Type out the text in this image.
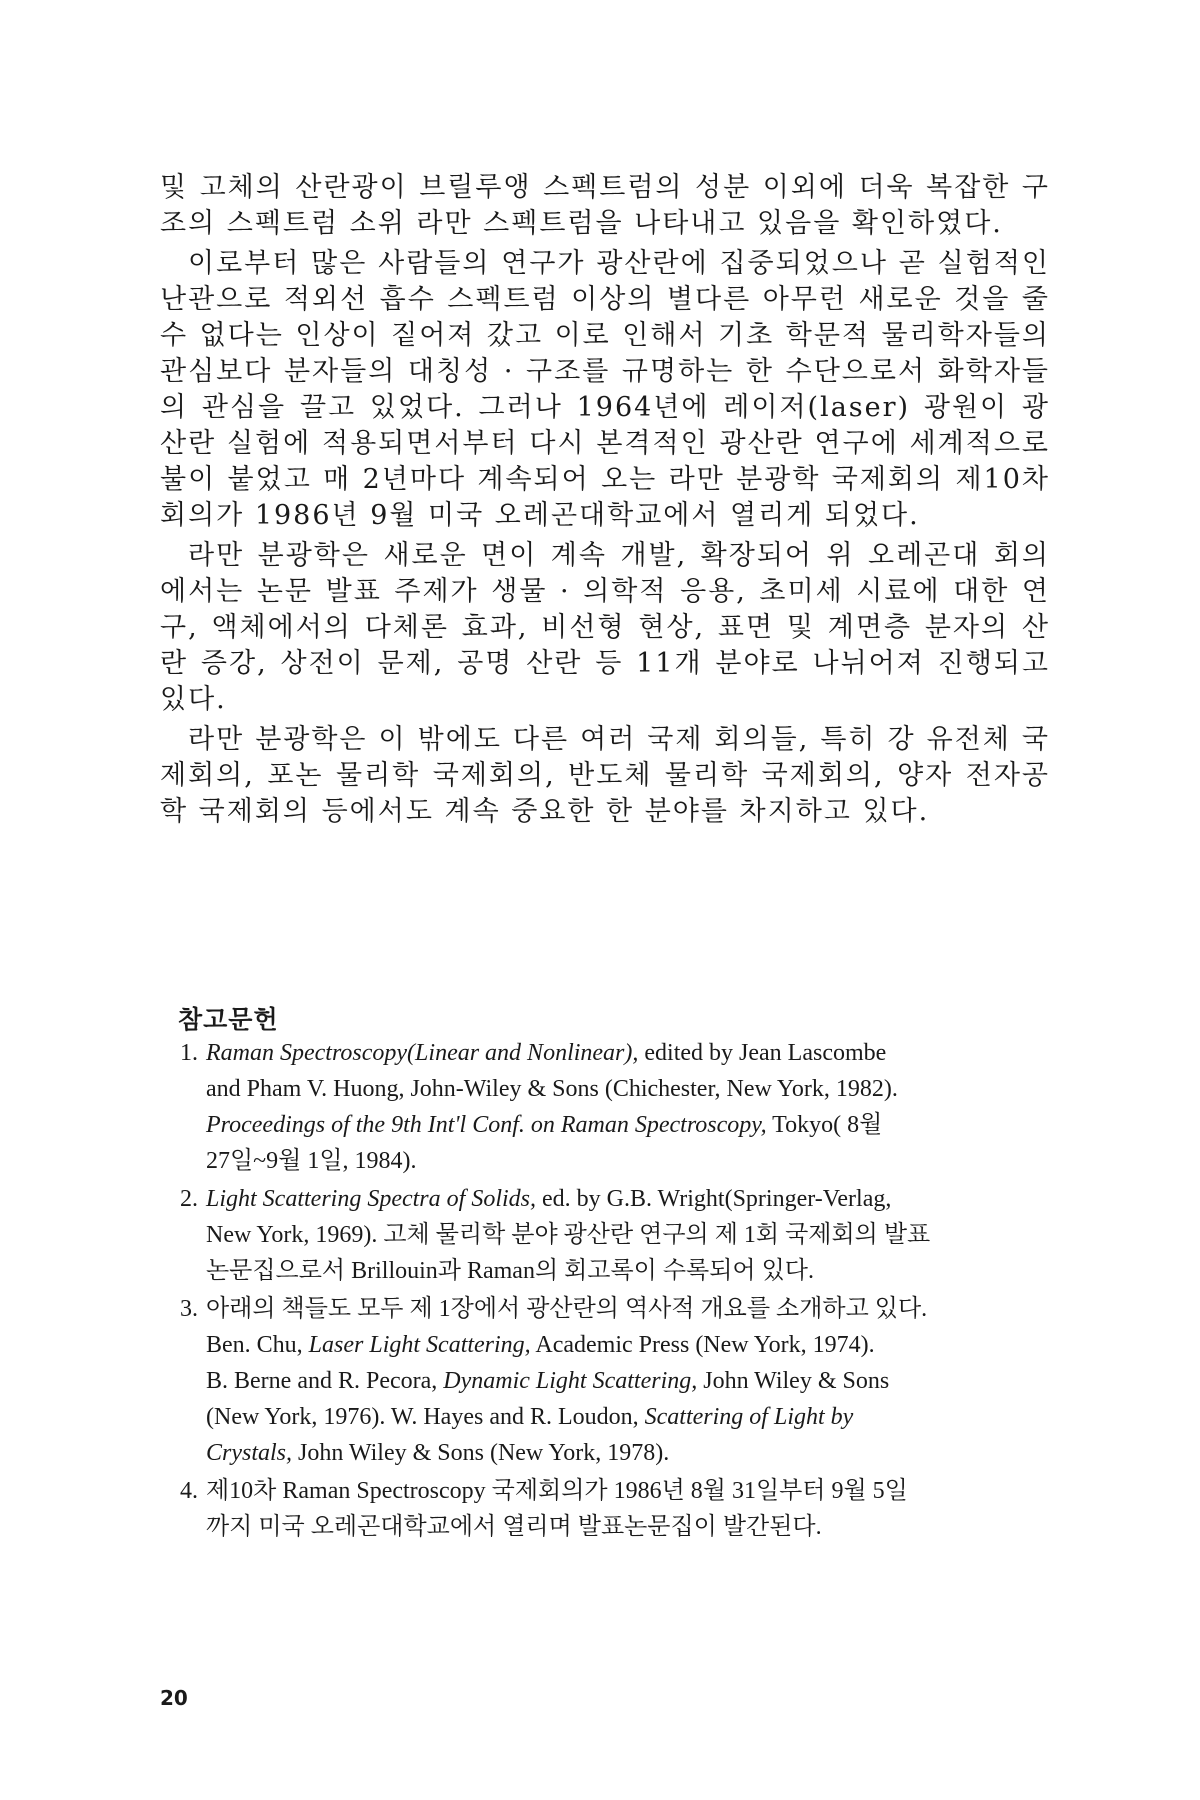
및 고체의 산란광이 브릴루앵 스펙트럼의 성분 이외에 더욱 복잡한 구조의 스펙트럼 소위 라만 스펙트럼을 나타내고 있음을 확인하였다.

이로부터 많은 사람들의 연구가 광산란에 집중되었으나 곧 실험적인 난관으로 적외선 흡수 스펙트럼 이상의 별다른 아무런 새로운 것을 줄 수 없다는 인상이 짙어져 갔고 이로 인해서 기초 학문적 물리학자들의 관심보다 분자들의 대칭성 · 구조를 규명하는 한 수단으로서 화학자들의 관심을 끌고 있었다. 그러나 1964년에 레이저(laser) 광원이 광산란 실험에 적용되면서부터 다시 본격적인 광산란 연구에 세계적으로 불이 붙었고 매 2년마다 계속되어 오는 라만 분광학 국제회의 제10차 회의가 1986년 9월 미국 오레곤대학교에서 열리게 되었다.

라만 분광학은 새로운 면이 계속 개발, 확장되어 위 오레곤대 회의에서는 논문 발표 주제가 생물 · 의학적 응용, 초미세 시료에 대한 연구, 액체에서의 다체론 효과, 비선형 현상, 표면 및 계면층 분자의 산란 증강, 상전이 문제, 공명 산란 등 11개 분야로 나뉘어져 진행되고 있다.

라만 분광학은 이 밖에도 다른 여러 국제 회의들, 특히 강 유전체 국제회의, 포논 물리학 국제회의, 반도체 물리학 국제회의, 양자 전자공학 국제회의 등에서도 계속 중요한 한 분야를 차지하고 있다.

참고문헌
1. Raman Spectroscopy(Linear and Nonlinear), edited by Jean Lascombe
and Pham V. Huong, John-Wiley & Sons (Chichester, New York, 1982).
Proceedings of the 9th Int'l Conf. on Raman Spectroscopy, Tokyo( 8월
27일~9월 1일, 1984).
2. Light Scattering Spectra of Solids, ed. by G.B. Wright(Springer-Verlag,
New York, 1969). 고체 물리학 분야 광산란 연구의 제 1회 국제회의 발표
논문집으로서 Brillouin과 Raman의 회고록이 수록되어 있다.
3. 아래의 책들도 모두 제 1장에서 광산란의 역사적 개요를 소개하고 있다.
Ben. Chu, Laser Light Scattering, Academic Press (New York, 1974).
B. Berne and R. Pecora, Dynamic Light Scattering, John Wiley & Sons
(New York, 1976). W. Hayes and R. Loudon, Scattering of Light by
Crystals, John Wiley & Sons (New York, 1978).
4. 제10차 Raman Spectroscopy 국제회의가 1986년 8월 31일부터 9월 5일
까지 미국 오레곤대학교에서 열리며 발표논문집이 발간된다.
20
